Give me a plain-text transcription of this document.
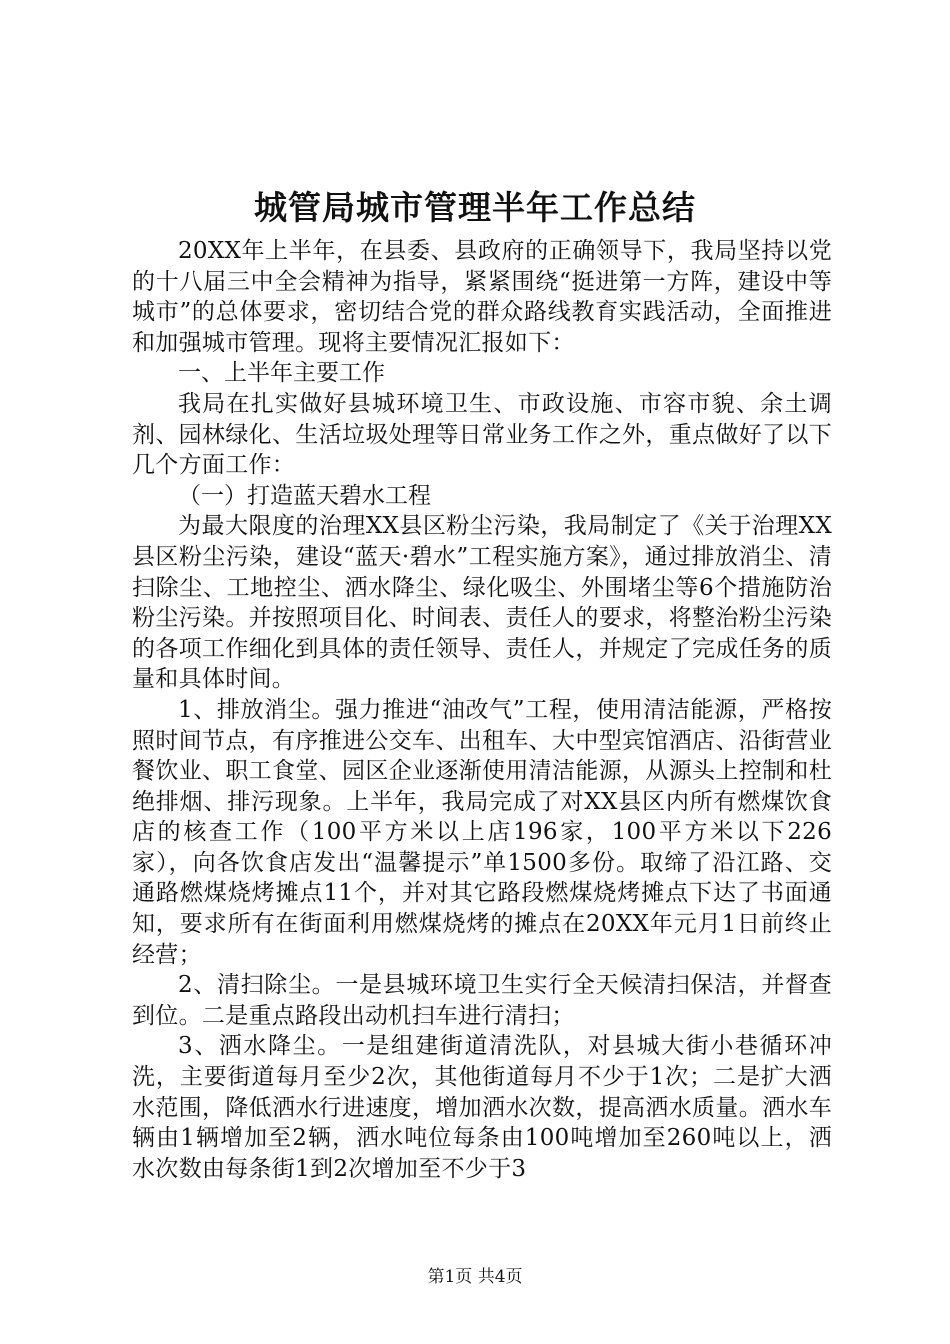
城管局城市管理半年工作总结

20XX年上半年，在县委、县政府的正确领导下，我局坚持以党的十八届三中全会精神为指导，紧紧围绕“挺进第一方阵，建设中等城市”的总体要求，密切结合党的群众路线教育实践活动，全面推进和加强城市管理。现将主要情况汇报如下：

一、上半年主要工作

我局在扎实做好县城环境卫生、市政设施、市容市貌、余土调剂、园林绿化、生活垃圾处理等日常业务工作之外，重点做好了以下几个方面工作：

（一）打造蓝天碧水工程

为最大限度的治理XX县区粉尘污染，我局制定了《关于治理XX县区粉尘污染，建设“蓝天·碧水”工程实施方案》，通过排放消尘、清扫除尘、工地控尘、洒水降尘、绿化吸尘、外围堵尘等6个措施防治粉尘污染。并按照项目化、时间表、责任人的要求，将整治粉尘污染的各项工作细化到具体的责任领导、责任人，并规定了完成任务的质量和具体时间。

1、排放消尘。强力推进“油改气”工程，使用清洁能源，严格按照时间节点，有序推进公交车、出租车、大中型宾馆酒店、沿街营业餐饮业、职工食堂、园区企业逐渐使用清洁能源，从源头上控制和杜绝排烟、排污现象。上半年，我局完成了对XX县区内所有燃煤饮食店的核查工作（100平方米以上店196家，100平方米以下226家），向各饮食店发出“温馨提示”单1500多份。取缔了沿江路、交通路燃煤烧烤摊点11个，并对其它路段燃煤烧烤摊点下达了书面通知，要求所有在街面利用燃煤烧烤的摊点在20XX年元月1日前终止经营；

2、清扫除尘。一是县城环境卫生实行全天候清扫保洁，并督查到位。二是重点路段出动机扫车进行清扫；

3、洒水降尘。一是组建街道清洗队，对县城大街小巷循环冲洗，主要街道每月至少2次，其他街道每月不少于1次；二是扩大洒水范围，降低洒水行进速度，增加洒水次数，提高洒水质量。洒水车辆由1辆增加至2辆，洒水吨位每条由100吨增加至260吨以上，洒水次数由每条街1到2次增加至不少于3

第1页 共4页
